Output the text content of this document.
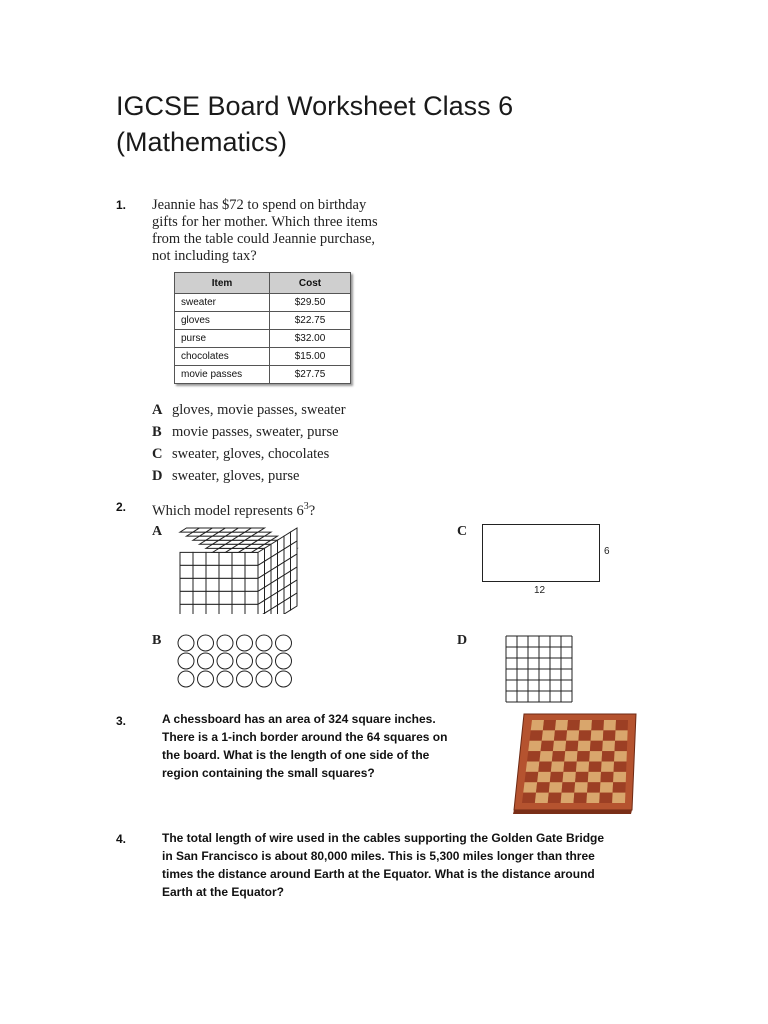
IGCSE Board Worksheet Class 6
(Mathematics)
1. Jeannie has $72 to spend on birthday
gifts for her mother. Which three items
from the table could Jeannie purchase,
not including tax?
Item	Cost
sweater	$29.50
gloves	$22.75
purse	$32.00
chocolates	$15.00
movie passes	$27.75
A gloves, movie passes, sweater
B movie passes, sweater, purse
C sweater, gloves, chocolates
D sweater, gloves, purse
2. Which model represents $6^3$?
A
B
C
D
6
12
3.	A chessboard has an area of 324 square inches.
There is a 1-inch border around the 64 squares on
the board. What is the length of one side of the
region containing the small squares?
4.	The total length of wire used in the cables supporting the Golden Gate Bridge
in San Francisco is about 80,000 miles. This is 5,300 miles longer than three
times the distance around Earth at the Equator. What is the distance around
Earth at the Equator?
